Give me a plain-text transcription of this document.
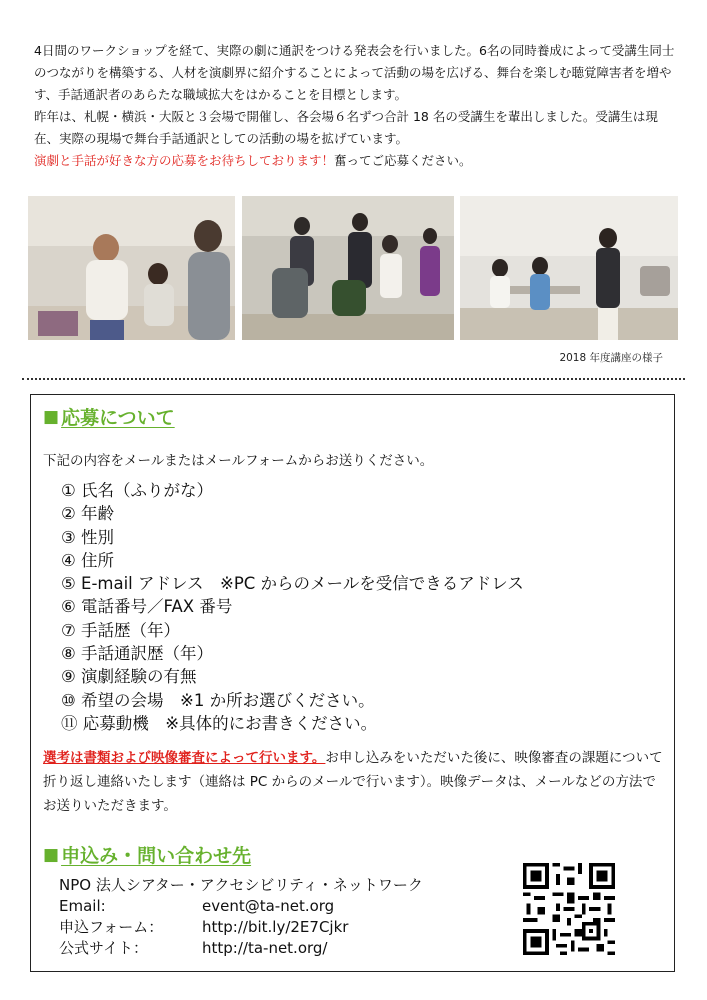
4日間のワークショップを経て、実際の劇に通訳をつける発表会を行いました。6名の同時養成によって受講生同士のつながりを構築する、人材を演劇界に紹介することによって活動の場を広げる、舞台を楽しむ聴覚障害者を増やす、手話通訳者のあらたな職域拡大をはかることを目標とします。

昨年は、札幌・横浜・大阪と３会場で開催し、各会場６名ずつ合計 18 名の受講生を輩出しました。受講生は現在、実際の現場で舞台手話通訳としての活動の場を拡げています。

演劇と手話が好きな方の応募をお待ちしております！奮ってご応募ください。

2018 年度講座の様子
■ 応募について
下記の内容をメールまたはメールフォームからお送りください。
① 氏名（ふりがな）
② 年齢
③ 性別
④ 住所
⑤ E-mail アドレス　※PC からのメールを受信できるアドレス
⑥ 電話番号／FAX 番号
⑦ 手話歴（年）
⑧ 手話通訳歴（年）
⑨ 演劇経験の有無
⑩ 希望の会場　※1 か所お選びください。
⑪ 応募動機　※具体的にお書きください。

選考は書類および映像審査によって行います。お申し込みをいただいた後に、映像審査の課題について折り返し連絡いたします（連絡は PC からのメールで行います）。映像データは、メールなどの方法でお送りいただきます。

■ 申込み・問い合わせ先
NPO 法人シアター・アクセシビリティ・ネットワーク
Email:	event@ta-net.org
申込フォーム：	http://bit.ly/2E7Cjkr
公式サイト：	http://ta-net.org/
